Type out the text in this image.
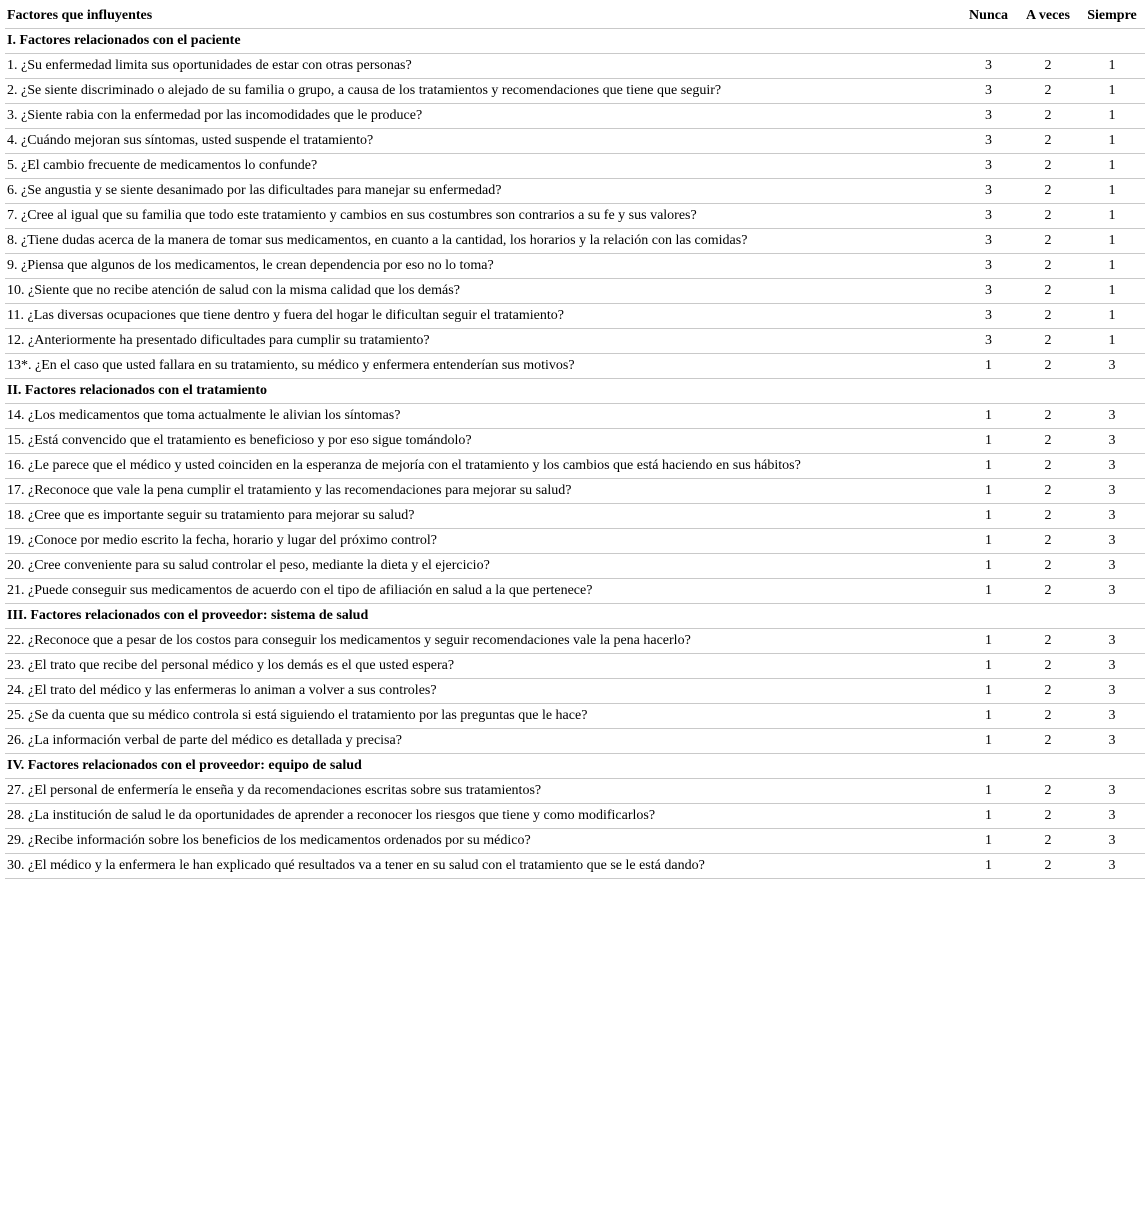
Factores que influyentes	Nunca	A veces	Siempre
I. Factores relacionados con el paciente			
1. ¿Su enfermedad limita sus oportunidades de estar con otras personas?	3	2	1
2. ¿Se siente discriminado o alejado de su familia o grupo, a causa de los tratamientos y recomendaciones que tiene que seguir?	3	2	1
3. ¿Siente rabia con la enfermedad por las incomodidades que le produce?	3	2	1
4. ¿Cuándo mejoran sus síntomas, usted suspende el tratamiento?	3	2	1
5. ¿El cambio frecuente de medicamentos lo confunde?	3	2	1
6. ¿Se angustia y se siente desanimado por las dificultades para manejar su enfermedad?	3	2	1
7. ¿Cree al igual que su familia que todo este tratamiento y cambios en sus costumbres son contrarios a su fe y sus valores?	3	2	1
8. ¿Tiene dudas acerca de la manera de tomar sus medicamentos, en cuanto a la cantidad, los horarios y la relación con las comidas?	3	2	1
9. ¿Piensa que algunos de los medicamentos, le crean dependencia por eso no lo toma?	3	2	1
10. ¿Siente que no recibe atención de salud con la misma calidad que los demás?	3	2	1
11. ¿Las diversas ocupaciones que tiene dentro y fuera del hogar le dificultan seguir el tratamiento?	3	2	1
12. ¿Anteriormente ha presentado dificultades para cumplir su tratamiento?	3	2	1
13*. ¿En el caso que usted fallara en su tratamiento, su médico y enfermera entenderían sus motivos?	1	2	3
II. Factores relacionados con el tratamiento			
14. ¿Los medicamentos que toma actualmente le alivian los síntomas?	1	2	3
15. ¿Está convencido que el tratamiento es beneficioso y por eso sigue tomándolo?	1	2	3
16. ¿Le parece que el médico y usted coinciden en la esperanza de mejoría con el tratamiento y los cambios que está haciendo en sus hábitos?	1	2	3
17. ¿Reconoce que vale la pena cumplir el tratamiento y las recomendaciones para mejorar su salud?	1	2	3
18. ¿Cree que es importante seguir su tratamiento para mejorar su salud?	1	2	3
19. ¿Conoce por medio escrito la fecha, horario y lugar del próximo control?	1	2	3
20. ¿Cree conveniente para su salud controlar el peso, mediante la dieta y el ejercicio?	1	2	3
21. ¿Puede conseguir sus medicamentos de acuerdo con el tipo de afiliación en salud a la que pertenece?	1	2	3
III. Factores relacionados con el proveedor: sistema de salud			
22. ¿Reconoce que a pesar de los costos para conseguir los medicamentos y seguir recomendaciones vale la pena hacerlo?	1	2	3
23. ¿El trato que recibe del personal médico y los demás es el que usted espera?	1	2	3
24. ¿El trato del médico y las enfermeras lo animan a volver a sus controles?	1	2	3
25. ¿Se da cuenta que su médico controla si está siguiendo el tratamiento por las preguntas que le hace?	1	2	3
26. ¿La información verbal de parte del médico es detallada y precisa?	1	2	3
IV. Factores relacionados con el proveedor: equipo de salud			
27. ¿El personal de enfermería le enseña y da recomendaciones escritas sobre sus tratamientos?	1	2	3
28. ¿La institución de salud le da oportunidades de aprender a reconocer los riesgos que tiene y como modificarlos?	1	2	3
29. ¿Recibe información sobre los beneficios de los medicamentos ordenados por su médico?	1	2	3
30. ¿El médico y la enfermera le han explicado qué resultados va a tener en su salud con el tratamiento que se le está dando?	1	2	3
